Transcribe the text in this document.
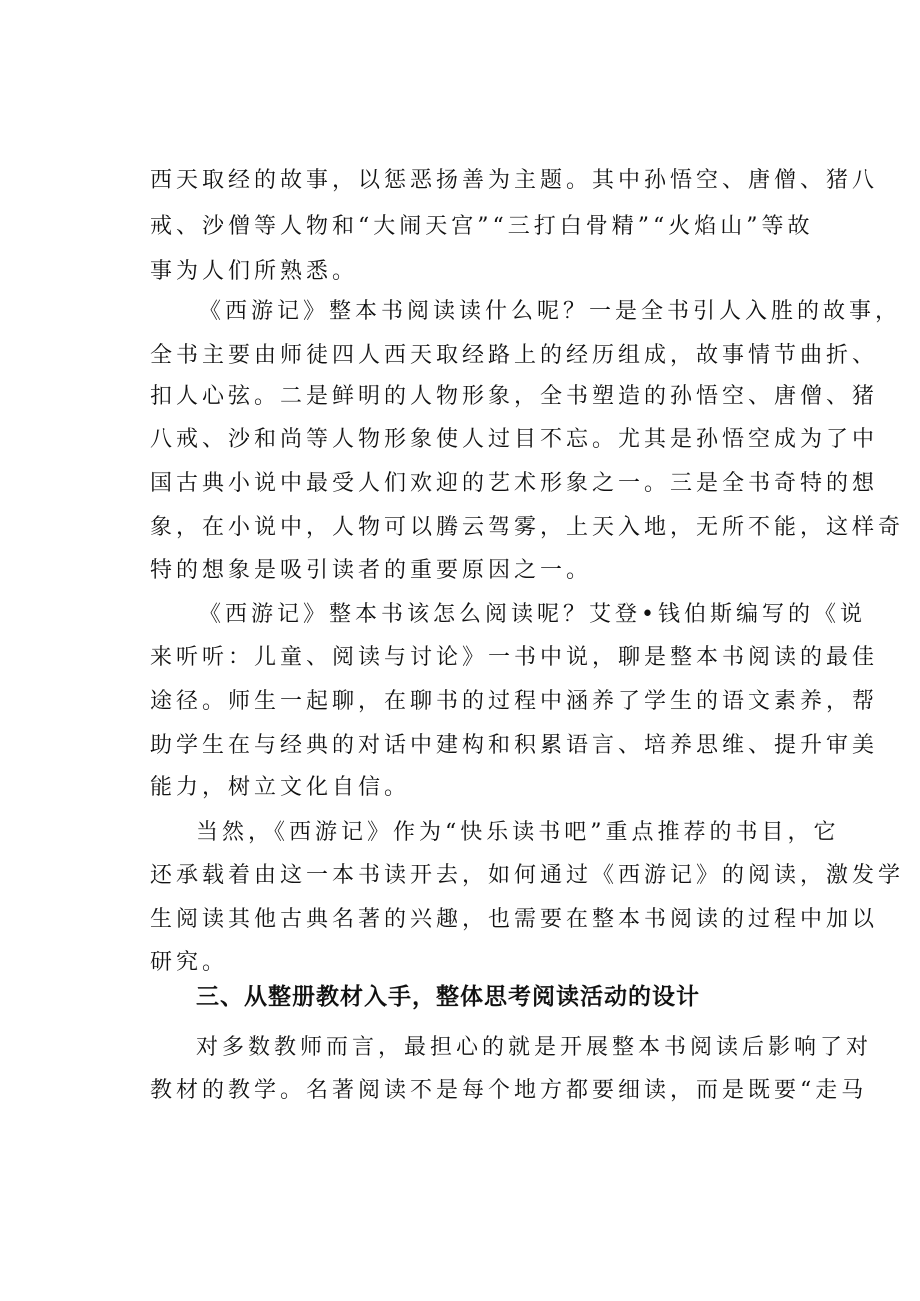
西天取经的故事，以惩恶扬善为主题。其中孙悟空、唐僧、猪八
戒、沙僧等人物和“大闹天宫”“三打白骨精”“火焰山”等故
事为人们所熟悉。
《西游记》整本书阅读读什么呢？一是全书引人入胜的故事，
全书主要由师徒四人西天取经路上的经历组成，故事情节曲折、
扣人心弦。二是鲜明的人物形象，全书塑造的孙悟空、唐僧、猪
八戒、沙和尚等人物形象使人过目不忘。尤其是孙悟空成为了中
国古典小说中最受人们欢迎的艺术形象之一。三是全书奇特的想
象，在小说中，人物可以腾云驾雾，上天入地，无所不能，这样奇
特的想象是吸引读者的重要原因之一。
《西游记》整本书该怎么阅读呢？艾登•钱伯斯编写的《说
来听听：儿童、阅读与讨论》一书中说，聊是整本书阅读的最佳
途径。师生一起聊，在聊书的过程中涵养了学生的语文素养，帮
助学生在与经典的对话中建构和积累语言、培养思维、提升审美
能力，树立文化自信。
当然，《西游记》作为“快乐读书吧”重点推荐的书目，它
还承载着由这一本书读开去，如何通过《西游记》的阅读，激发学
生阅读其他古典名著的兴趣，也需要在整本书阅读的过程中加以
研究。
三、从整册教材入手，整体思考阅读活动的设计
对多数教师而言，最担心的就是开展整本书阅读后影响了对
教材的教学。名著阅读不是每个地方都要细读，而是既要“走马
